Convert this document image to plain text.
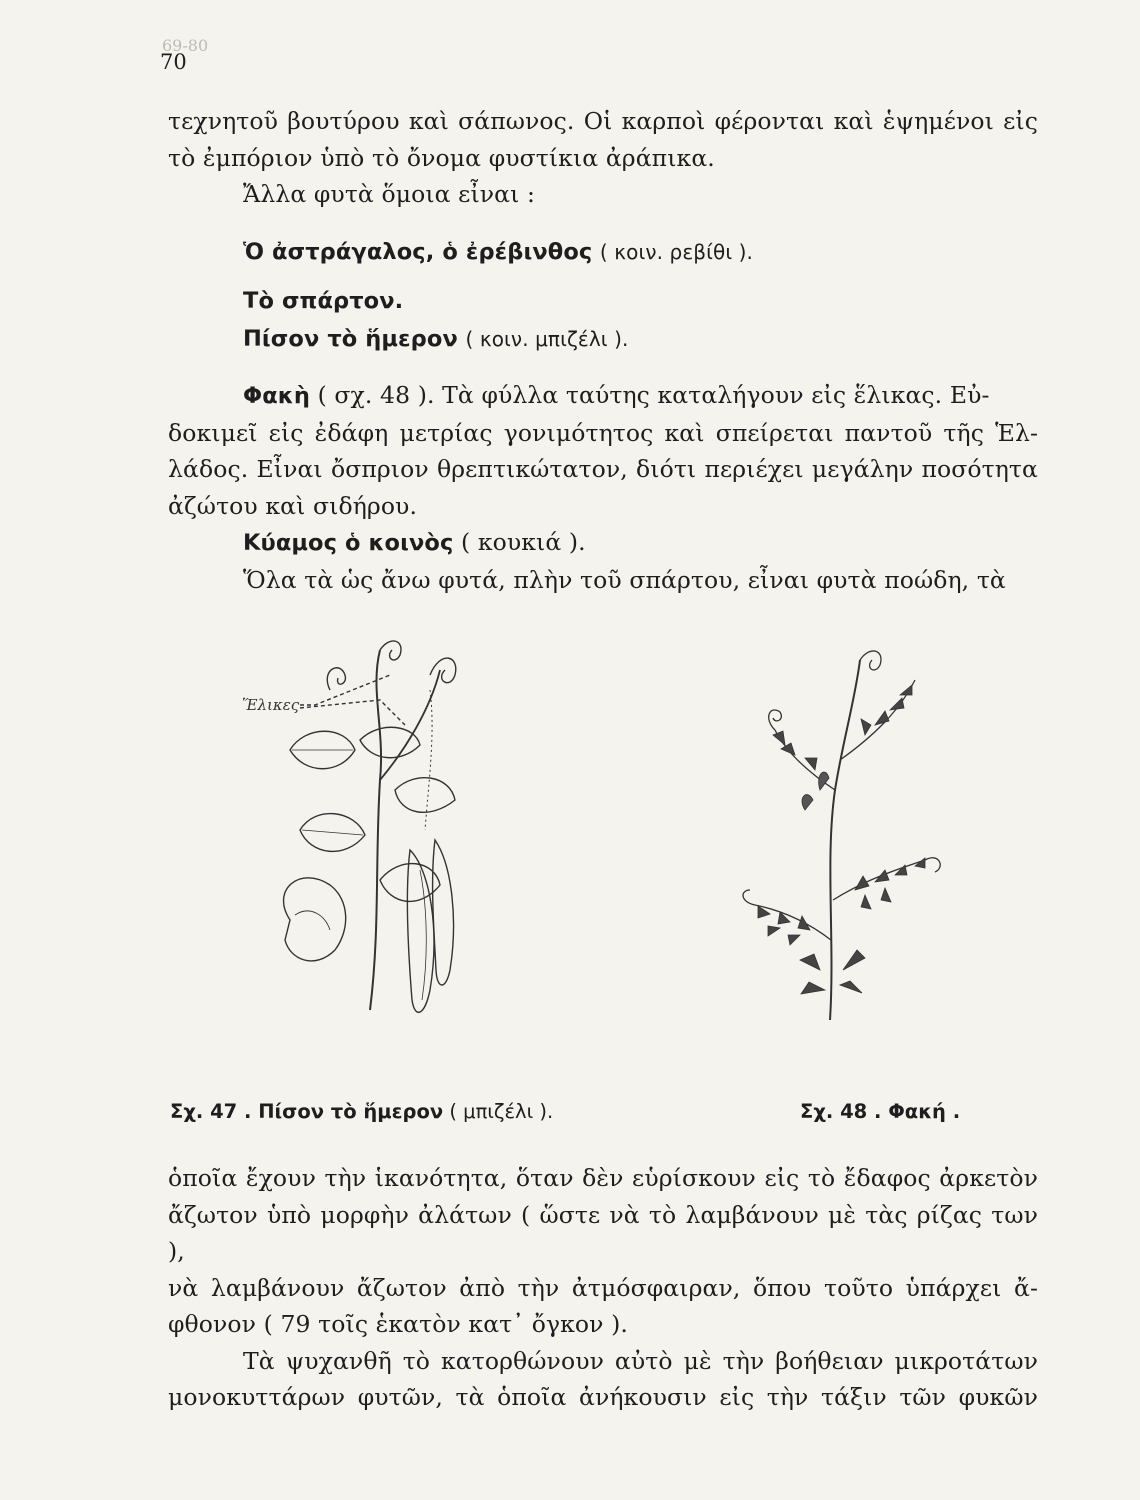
69-80
70

τεχνητοῦ βουτύρου καὶ σάπωνος. Οἱ καρποὶ φέρονται καὶ ἑψημένοι εἰς

τὸ ἐμπόριον ὑπὸ τὸ ὄνομα φυστίκια ἀράπικα.

Ἄλλα φυτὰ ὅμοια εἶναι :

Ὁ ἀστράγαλος, ὁ ἐρέβινθος ( κοιν. ρεβίθι ).

Τὸ σπάρτον.

Πίσον τὸ ἥμερον ( κοιν. μπιζέλι ).

Φακὴ ( σχ. 48 ). Τὰ φύλλα ταύτης καταλήγουν εἰς ἕλικας. Εὐ-

δοκιμεῖ εἰς ἐδάφη μετρίας γονιμότητος καὶ σπείρεται παντοῦ τῆς Ἑλ-

λάδος. Εἶναι ὄσπριον θρεπτικώτατον, διότι περιέχει μεγάλην ποσότητα

ἀζώτου καὶ σιδήρου.

Κύαμος ὁ κοινὸς ( κουκιά ).

Ὅλα τὰ ὡς ἄνω φυτά, πλὴν τοῦ σπάρτου, εἶναι φυτὰ ποώδη, τὰ

Ἕλικες
Σχ. 47 . Πίσον τὸ ἥμερον ( μπιζέλι ).	Σχ. 48 . Φακή .

ὁποῖα ἔχουν τὴν ἱκανότητα, ὅταν δὲν εὑρίσκουν εἰς τὸ ἔδαφος ἀρκετὸν

ἄζωτον ὑπὸ μορφὴν ἀλάτων ( ὥστε νὰ τὸ λαμβάνουν μὲ τὰς ρίζας των ),

νὰ λαμβάνουν ἄζωτον ἀπὸ τὴν ἀτμόσφαιραν, ὅπου τοῦτο ὑπάρχει ἄ-

φθονον ( 79 τοῖς ἑκατὸν κατ᾽ ὄγκον ).

Τὰ ψυχανθῆ τὸ κατορθώνουν αὐτὸ μὲ τὴν βοήθειαν μικροτάτων

μονοκυττάρων φυτῶν, τὰ ὁποῖα ἀνήκουσιν εἰς τὴν τάξιν τῶν φυκῶν
